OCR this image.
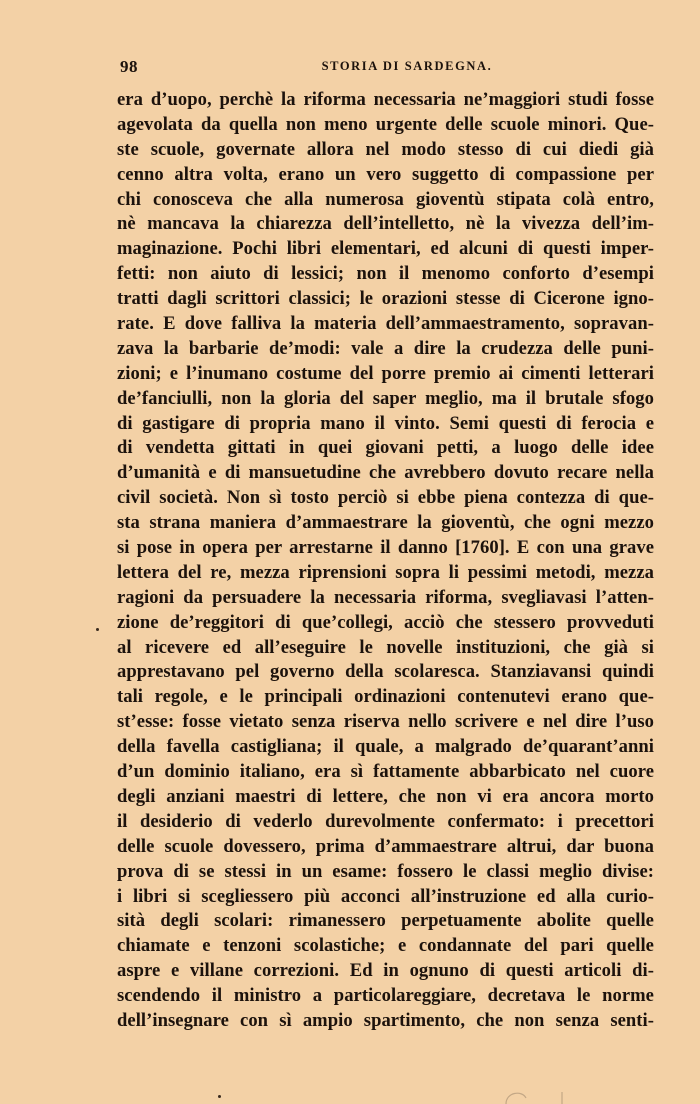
98	STORIA DI SARDEGNA.
era d’uopo, perchè la riforma necessaria ne’maggiori studi fosse
agevolata da quella non meno urgente delle scuole minori. Que-
ste scuole, governate allora nel modo stesso di cui diedi già
cenno altra volta, erano un vero suggetto di compassione per
chi conosceva che alla numerosa gioventù stipata colà entro,
nè mancava la chiarezza dell’intelletto, nè la vivezza dell’im-
maginazione. Pochi libri elementari, ed alcuni di questi imper-
fetti: non aiuto di lessici; non il menomo conforto d’esempi
tratti dagli scrittori classici; le orazioni stesse di Cicerone igno-
rate. E dove falliva la materia dell’ammaestramento, sopravan-
zava la barbarie de’modi: vale a dire la crudezza delle puni-
zioni; e l’inumano costume del porre premio ai cimenti letterari
de’fanciulli, non la gloria del saper meglio, ma il brutale sfogo
di gastigare di propria mano il vinto. Semi questi di ferocia e
di vendetta gittati in quei giovani petti, a luogo delle idee
d’umanità e di mansuetudine che avrebbero dovuto recare nella
civil società. Non sì tosto perciò si ebbe piena contezza di que-
sta strana maniera d’ammaestrare la gioventù, che ogni mezzo
si pose in opera per arrestarne il danno [1760]. E con una grave
lettera del re, mezza riprensioni sopra li pessimi metodi, mezza
ragioni da persuadere la necessaria riforma, svegliavasi l’atten-
zione de’reggitori di que’collegi, acciò che stessero provveduti
al ricevere ed all’eseguire le novelle instituzioni, che già si
apprestavano pel governo della scolaresca. Stanziavansi quindi
tali regole, e le principali ordinazioni contenutevi erano que-
st’esse: fosse vietato senza riserva nello scrivere e nel dire l’uso
della favella castigliana; il quale, a malgrado de’quarant’anni
d’un dominio italiano, era sì fattamente abbarbicato nel cuore
degli anziani maestri di lettere, che non vi era ancora morto
il desiderio di vederlo durevolmente confermato: i precettori
delle scuole dovessero, prima d’ammaestrare altrui, dar buona
prova di se stessi in un esame: fossero le classi meglio divise:
i libri si scegliessero più acconci all’instruzione ed alla curio-
sità degli scolari: rimanessero perpetuamente abolite quelle
chiamate e tenzoni scolastiche; e condannate del pari quelle
aspre e villane correzioni. Ed in ognuno di questi articoli di-
scendendo il ministro a particolareggiare, decretava le norme
dell’insegnare con sì ampio spartimento, che non senza senti-
